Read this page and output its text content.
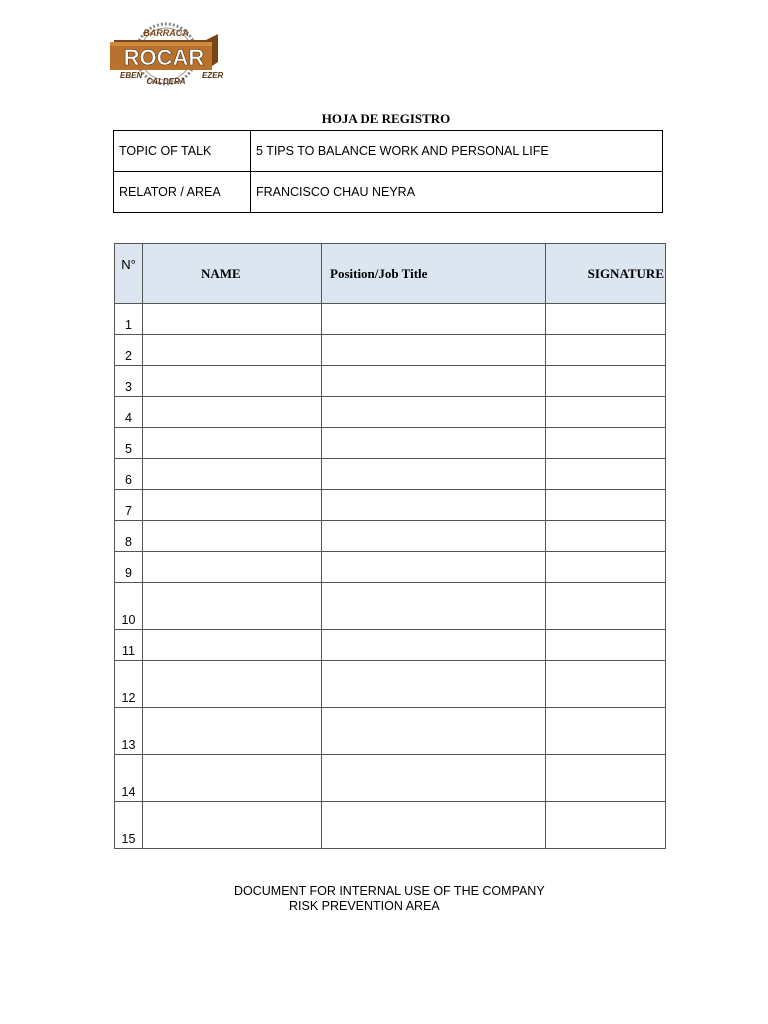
BARRACA
ROCAR
EBEN
CALDERA
EZER
HOJA DE REGISTRO
TOPIC OF TALK	5 TIPS TO BALANCE WORK AND PERSONAL LIFE
RELATOR / AREA	FRANCISCO CHAU NEYRA
N°	NAME	Position/Job Title	SIGNATURE
1			
2			
3			
4			
5			
6			
7			
8			
9			
10			
11			
12			
13			
14			
15			
DOCUMENT FOR INTERNAL USE OF THE COMPANY
RISK PREVENTION AREA
